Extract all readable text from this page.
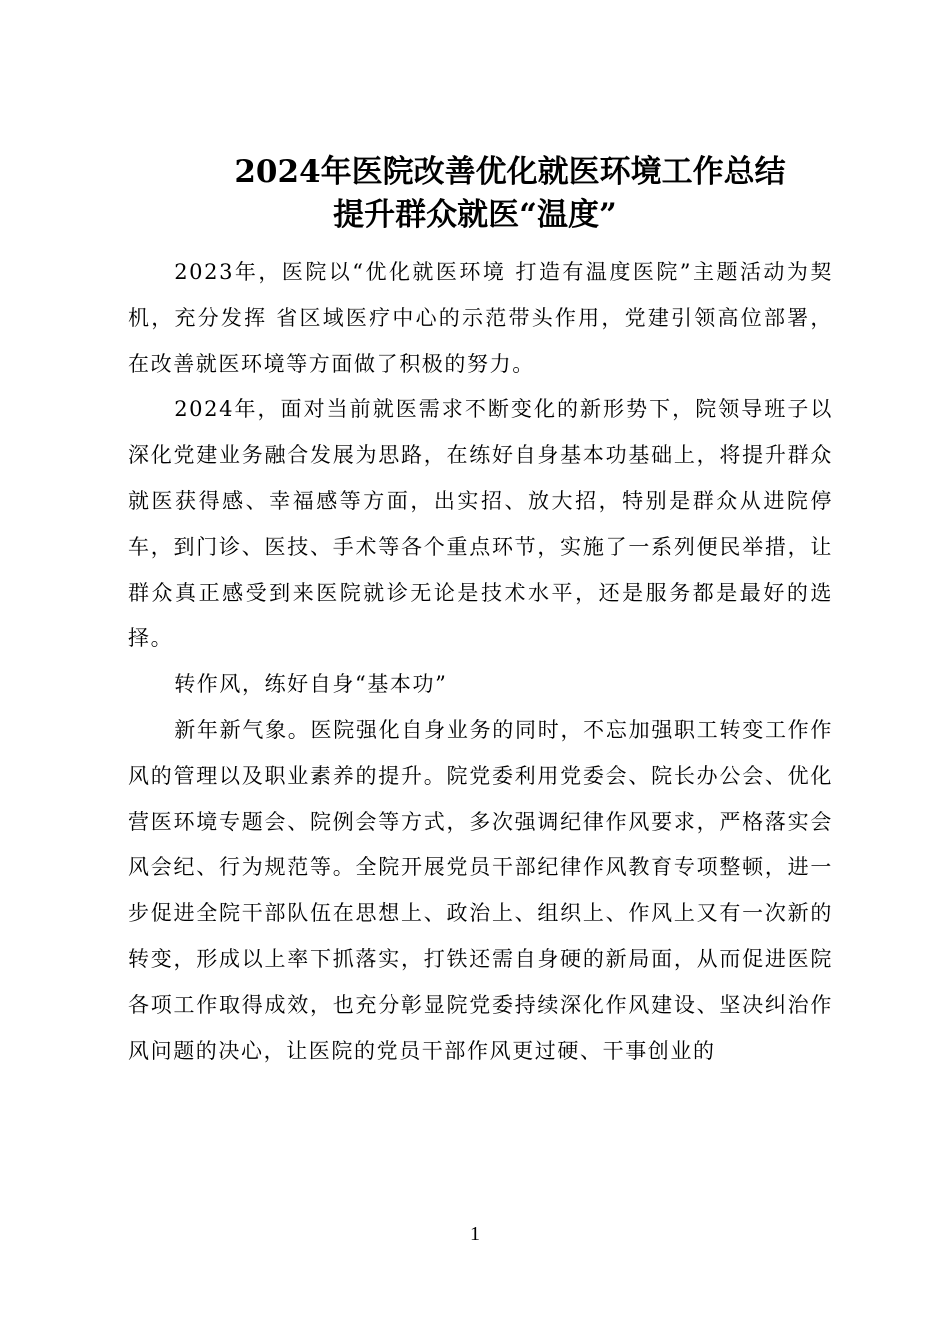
2024年医院改善优化就医环境工作总结
提升群众就医“温度”

2023年，医院以“优化就医环境 打造有温度医院”主题活动为契机，充分发挥 省区域医疗中心的示范带头作用，党建引领高位部署，在改善就医环境等方面做了积极的努力。

2024年，面对当前就医需求不断变化的新形势下，院领导班子以深化党建业务融合发展为思路，在练好自身基本功基础上，将提升群众就医获得感、幸福感等方面，出实招、放大招，特别是群众从进院停车，到门诊、医技、手术等各个重点环节，实施了一系列便民举措，让群众真正感受到来医院就诊无论是技术水平，还是服务都是最好的选择。

转作风，练好自身“基本功”

新年新气象。医院强化自身业务的同时，不忘加强职工转变工作作风的管理以及职业素养的提升。院党委利用党委会、院长办公会、优化营医环境专题会、院例会等方式，多次强调纪律作风要求，严格落实会风会纪、行为规范等。全院开展党员干部纪律作风教育专项整顿，进一步促进全院干部队伍在思想上、政治上、组织上、作风上又有一次新的转变，形成以上率下抓落实，打铁还需自身硬的新局面，从而促进医院各项工作取得成效，也充分彰显院党委持续深化作风建设、坚决纠治作风问题的决心，让医院的党员干部作风更过硬、干事创业的

1
